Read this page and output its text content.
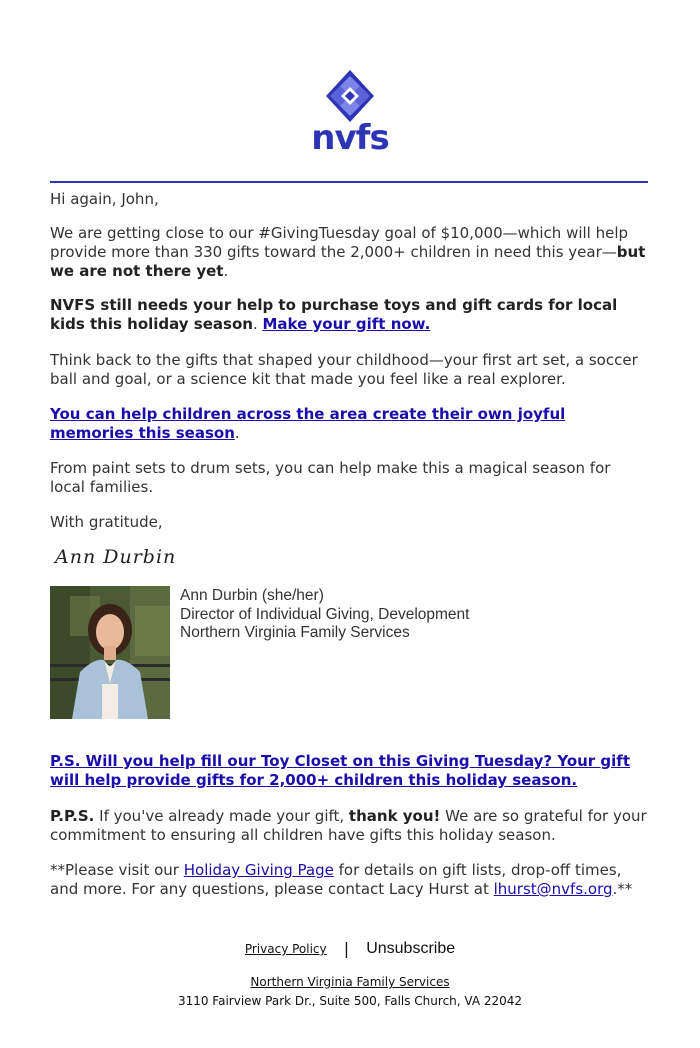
nvfs

Hi again, John,

We are getting close to our #GivingTuesday goal of $10,000—which will help provide more than 330 gifts toward the 2,000+ children in need this year—but we are not there yet.

NVFS still needs your help to purchase toys and gift cards for local kids this holiday season. Make your gift now.

Think back to the gifts that shaped your childhood—your first art set, a soccer ball and goal, or a science kit that made you feel like a real explorer.

You can help children across the area create their own joyful memories this season.

From paint sets to drum sets, you can help make this a magical season for local families.

With gratitude,

Ann Durbin
Ann Durbin (she/her)
Director of Individual Giving, Development
Northern Virginia Family Services

P.S. Will you help fill our Toy Closet on this Giving Tuesday? Your gift will help provide gifts for 2,000+ children this holiday season.

P.P.S. If you've already made your gift, thank you! We are so grateful for your commitment to ensuring all children have gifts this holiday season.

**Please visit our Holiday Giving Page for details on gift lists, drop-off times, and more. For any questions, please contact Lacy Hurst at lhurst@nvfs.org.**

Privacy Policy | Unsubscribe
Northern Virginia Family Services
3110 Fairview Park Dr., Suite 500, Falls Church, VA 22042
